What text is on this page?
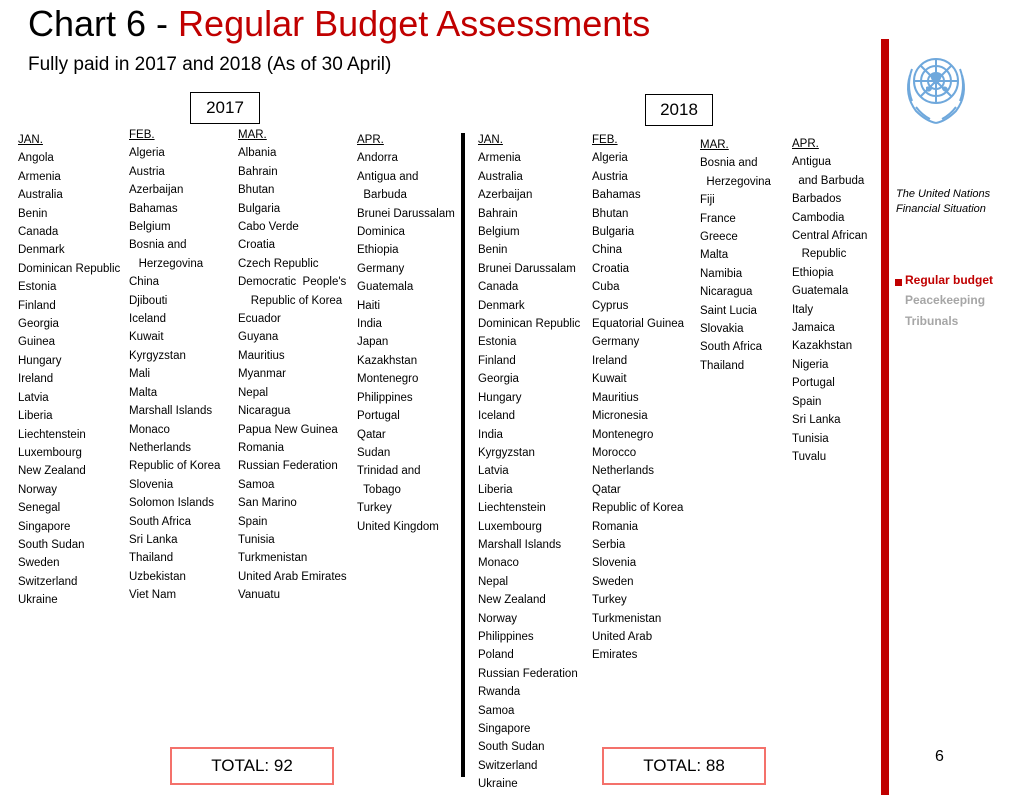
Chart 6 - Regular Budget Assessments
Fully paid in 2017 and 2018 (As of 30 April)
2017	2018
JAN.
Angola
Armenia
Australia
Benin
Canada
Denmark
Dominican Republic
Estonia
Finland
Georgia
Guinea
Hungary
Ireland
Latvia
Liberia
Liechtenstein
Luxembourg
New Zealand
Norway
Senegal
Singapore
South Sudan
Sweden
Switzerland
Ukraine
FEB.
Algeria
Austria
Azerbaijan
Bahamas
Belgium
Bosnia and
Herzegovina
China
Djibouti
Iceland
Kuwait
Kyrgyzstan
Mali
Malta
Marshall Islands
Monaco
Netherlands
Republic of Korea
Slovenia
Solomon Islands
South Africa
Sri Lanka
Thailand
Uzbekistan
Viet Nam
MAR.
Albania
Bahrain
Bhutan
Bulgaria
Cabo Verde
Croatia
Czech Republic
Democratic  People's
Republic of Korea
Ecuador
Guyana
Mauritius
Myanmar
Nepal
Nicaragua
Papua New Guinea
Romania
Russian Federation
Samoa
San Marino
Spain
Tunisia
Turkmenistan
United Arab Emirates
Vanuatu
APR.
Andorra
Antigua and
Barbuda
Brunei Darussalam
Dominica
Ethiopia
Germany
Guatemala
Haiti
India
Japan
Kazakhstan
Montenegro
Philippines
Portugal
Qatar
Sudan
Trinidad and
Tobago
Turkey
United Kingdom
JAN.
Armenia
Australia
Azerbaijan
Bahrain
Belgium
Benin
Brunei Darussalam
Canada
Denmark
Dominican Republic
Estonia
Finland
Georgia
Hungary
Iceland
India
Kyrgyzstan
Latvia
Liberia
Liechtenstein
Luxembourg
Marshall Islands
Monaco
Nepal
New Zealand
Norway
Philippines
Poland
Russian Federation
Rwanda
Samoa
Singapore
South Sudan
Switzerland
Ukraine
FEB.
Algeria
Austria
Bahamas
Bhutan
Bulgaria
China
Croatia
Cuba
Cyprus
Equatorial Guinea
Germany
Ireland
Kuwait
Mauritius
Micronesia
Montenegro
Morocco
Netherlands
Qatar
Republic of Korea
Romania
Serbia
Slovenia
Sweden
Turkey
Turkmenistan
United Arab
Emirates
MAR.
Bosnia and
Herzegovina
Fiji
France
Greece
Malta
Namibia
Nicaragua
Saint Lucia
Slovakia
South Africa
Thailand
APR.
Antigua
and Barbuda
Barbados
Cambodia
Central African
Republic
Ethiopia
Guatemala
Italy
Jamaica
Kazakhstan
Nigeria
Portugal
Spain
Sri Lanka
Tunisia
Tuvalu
TOTAL: 92	TOTAL: 88
The United Nations
Financial Situation
Regular budget
Peacekeeping
Tribunals
6
